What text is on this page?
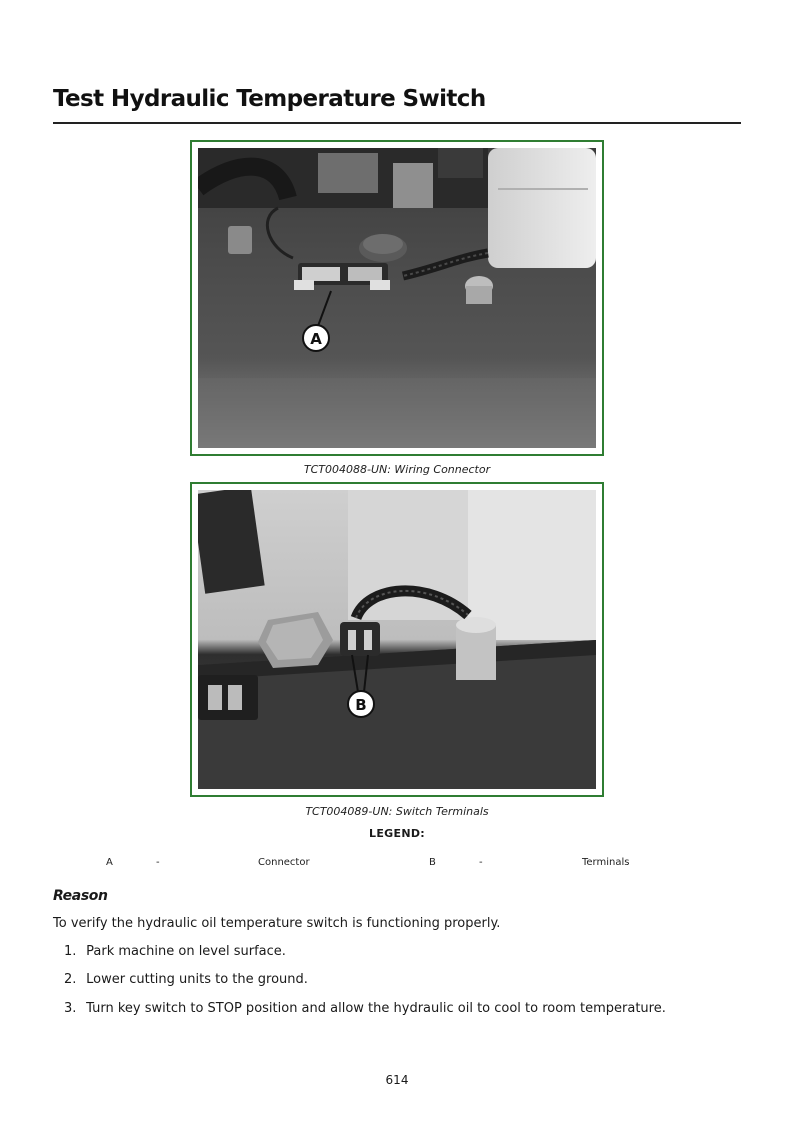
Test Hydraulic Temperature Switch
A
TCT004088-UN: Wiring Connector
B
TCT004089-UN: Switch Terminals
LEGEND:
A	-	Connector	B	-	Terminals
Reason
To verify the hydraulic oil temperature switch is functioning properly.
1. Park machine on level surface.
2. Lower cutting units to the ground.
3. Turn key switch to STOP position and allow the hydraulic oil to cool to room temperature.
614
